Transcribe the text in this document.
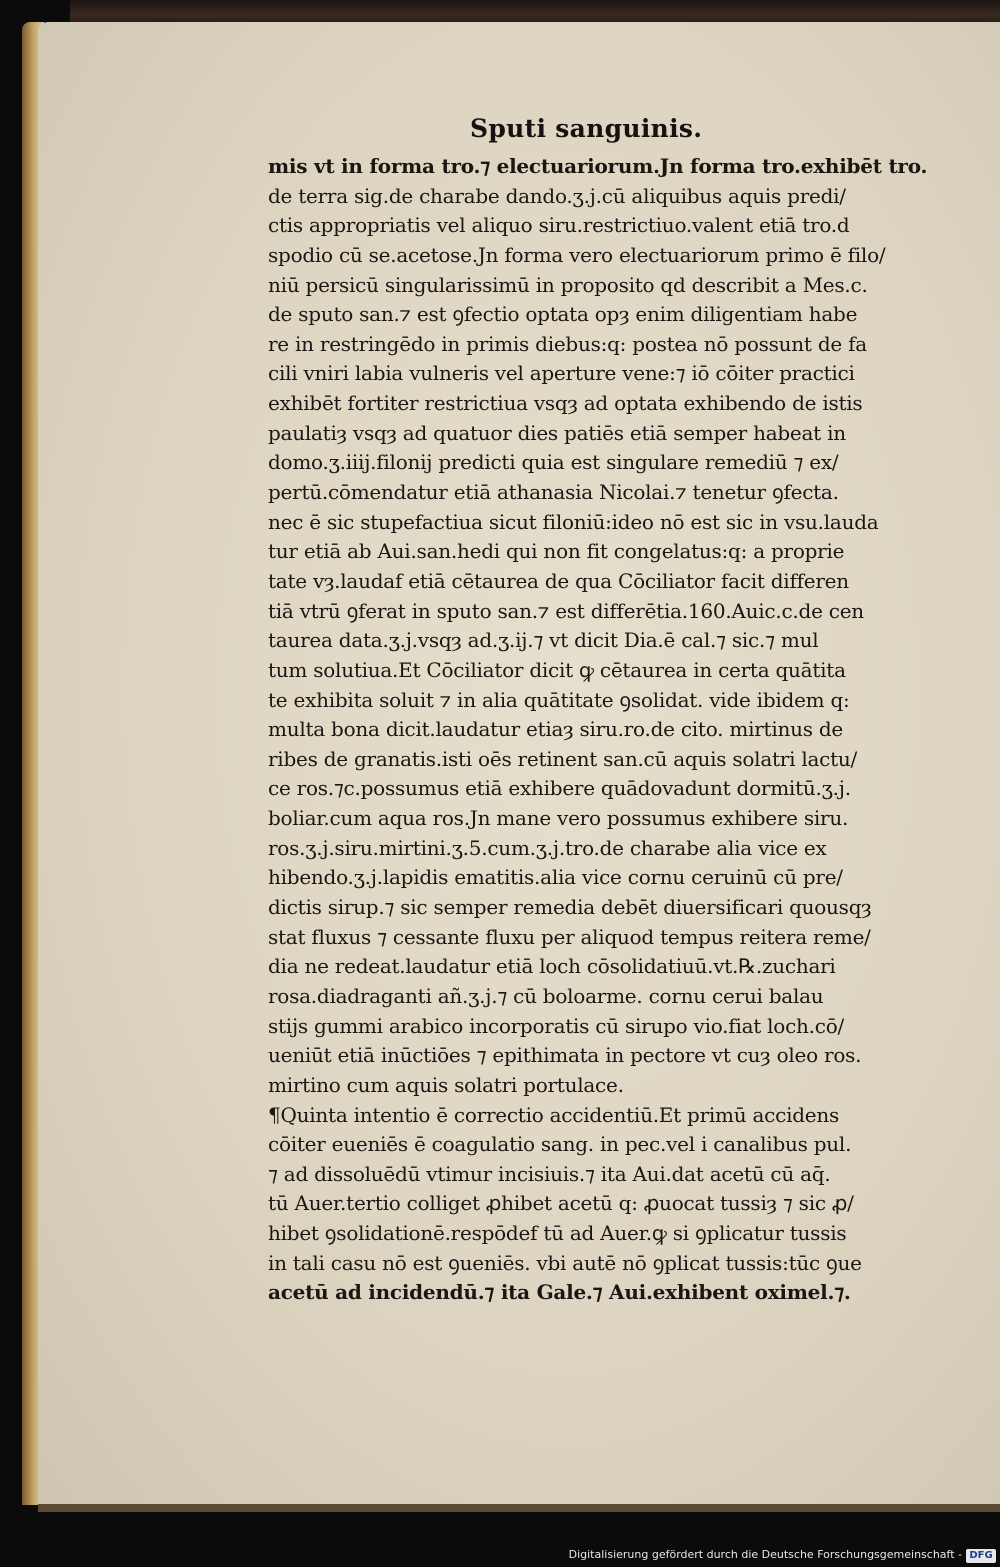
Sputi sanguinis.
mis vt in forma tro.⁊ electuariorum.Jn forma tro.exhibēt tro.
de terra sig.de charabe dando.ʒ.j.cū aliquibus aquis predi/
ctis appropriatis vel aliquo siru.restrictiuo.valent etiā tro.d
spodio cū se.acetose.Jn forma vero electuariorum primo ē filo/
niū persicū singularissimū in proposito qd describit a Mes.c.
de sputo san.⁊ est ꝯfectio optata opȝ enim diligentiam habe
re in restringēdo in primis diebus:q: postea nō possunt de fa
cili vniri labia vulneris vel aperture vene:⁊ iō cōiter practici
exhibēt fortiter restrictiua vsqȝ ad optata exhibendo de istis
paulatiȝ vsqȝ ad quatuor dies patiēs etiā semper habeat in
domo.ʒ.iiij.filonij predicti quia est singulare remediū ⁊ ex/
pertū.cōmendatur etiā athanasia Nicolai.⁊ tenetur ꝯfecta.
nec ē sic stupefactiua sicut filoniū:ideo nō est sic in vsu.lauda
tur etiā ab Aui.san.hedi qui non fit congelatus:q: a proprie
tate vȝ.laudaf etiā cētaurea de qua Cōciliator facit differen
tiā vtrū ꝯferat in sputo san.⁊ est differētia.160.Auic.c.de cen
taurea data.ʒ.j.vsqȝ ad.ʒ.ij.⁊ vt dicit Dia.ē cal.⁊ sic.⁊ mul
tum solutiua.Et Cōciliator dicit ꝙ cētaurea in certa quātita
te exhibita soluit ⁊ in alia quātitate ꝯsolidat. vide ibidem q:
multa bona dicit.laudatur etiaȝ siru.ro.de cito. mirtinus de
ribes de granatis.isti oēs retinent san.cū aquis solatri lactu/
ce ros.⁊c.possumus etiā exhibere quādovadunt dormitū.ʒ.j.
boliar.cum aqua ros.Jn mane vero possumus exhibere siru.
ros.ʒ.j.siru.mirtini.ʒ.5.cum.ʒ.j.tro.de charabe alia vice ex
hibendo.ʒ.j.lapidis ematitis.alia vice cornu ceruinū cū pre/
dictis sirup.⁊ sic semper remedia debēt diuersificari quousqȝ
stat fluxus ⁊ cessante fluxu per aliquod tempus reitera reme/
dia ne redeat.laudatur etiā loch cōsolidatiuū.vt.℞.zuchari
rosa.diadraganti añ.ʒ.j.⁊ cū boloarme. cornu cerui balau
stijs gummi arabico incorporatis cū sirupo vio.fiat loch.cō/
ueniūt etiā inūctiōes ⁊ epithimata in pectore vt cuȝ oleo ros.
mirtino cum aquis solatri portulace.
¶Quinta intentio ē correctio accidentiū.Et primū accidens
cōiter eueniēs ē coagulatio sang. in pec.vel i canalibus pul.
⁊ ad dissoluēdū vtimur incisiuis.⁊ ita Aui.dat acetū cū aq̄.
tū Auer.tertio colliget ꝓhibet acetū q: ꝓuocat tussiȝ ⁊ sic ꝓ/
hibet ꝯsolidationē.respōdef tū ad Auer.ꝙ si ꝯplicatur tussis
in tali casu nō est ꝯueniēs. vbi autē nō ꝯplicat tussis:tūc ꝯue
acetū ad incidendū.⁊ ita Gale.⁊ Aui.exhibent oximel.⁊.
Digitalisierung gefördert durch die Deutsche Forschungsgemeinschaft - DFG
